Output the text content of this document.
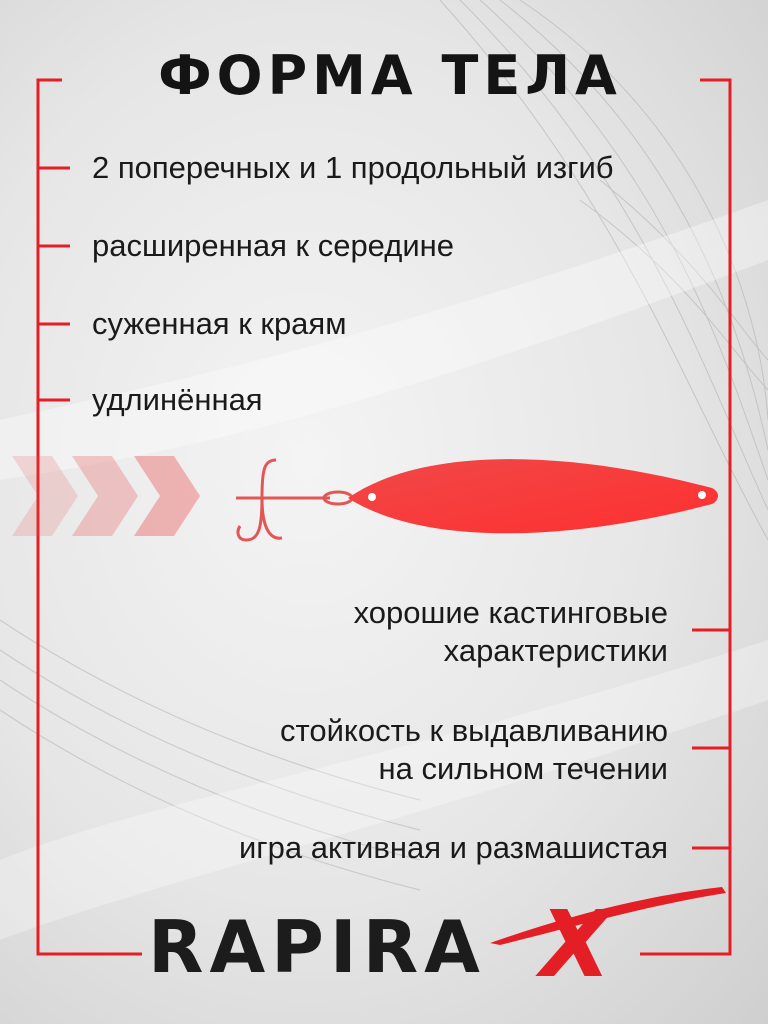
ФОРМА ТЕЛА

2 поперечных и 1 продольный изгиб

расширенная к середине

суженная к краям

удлинённая

хорошие кастинговые

характеристики

стойкость к выдавливанию

на сильном течении

игра активная и размашистая

RAPIRA X
